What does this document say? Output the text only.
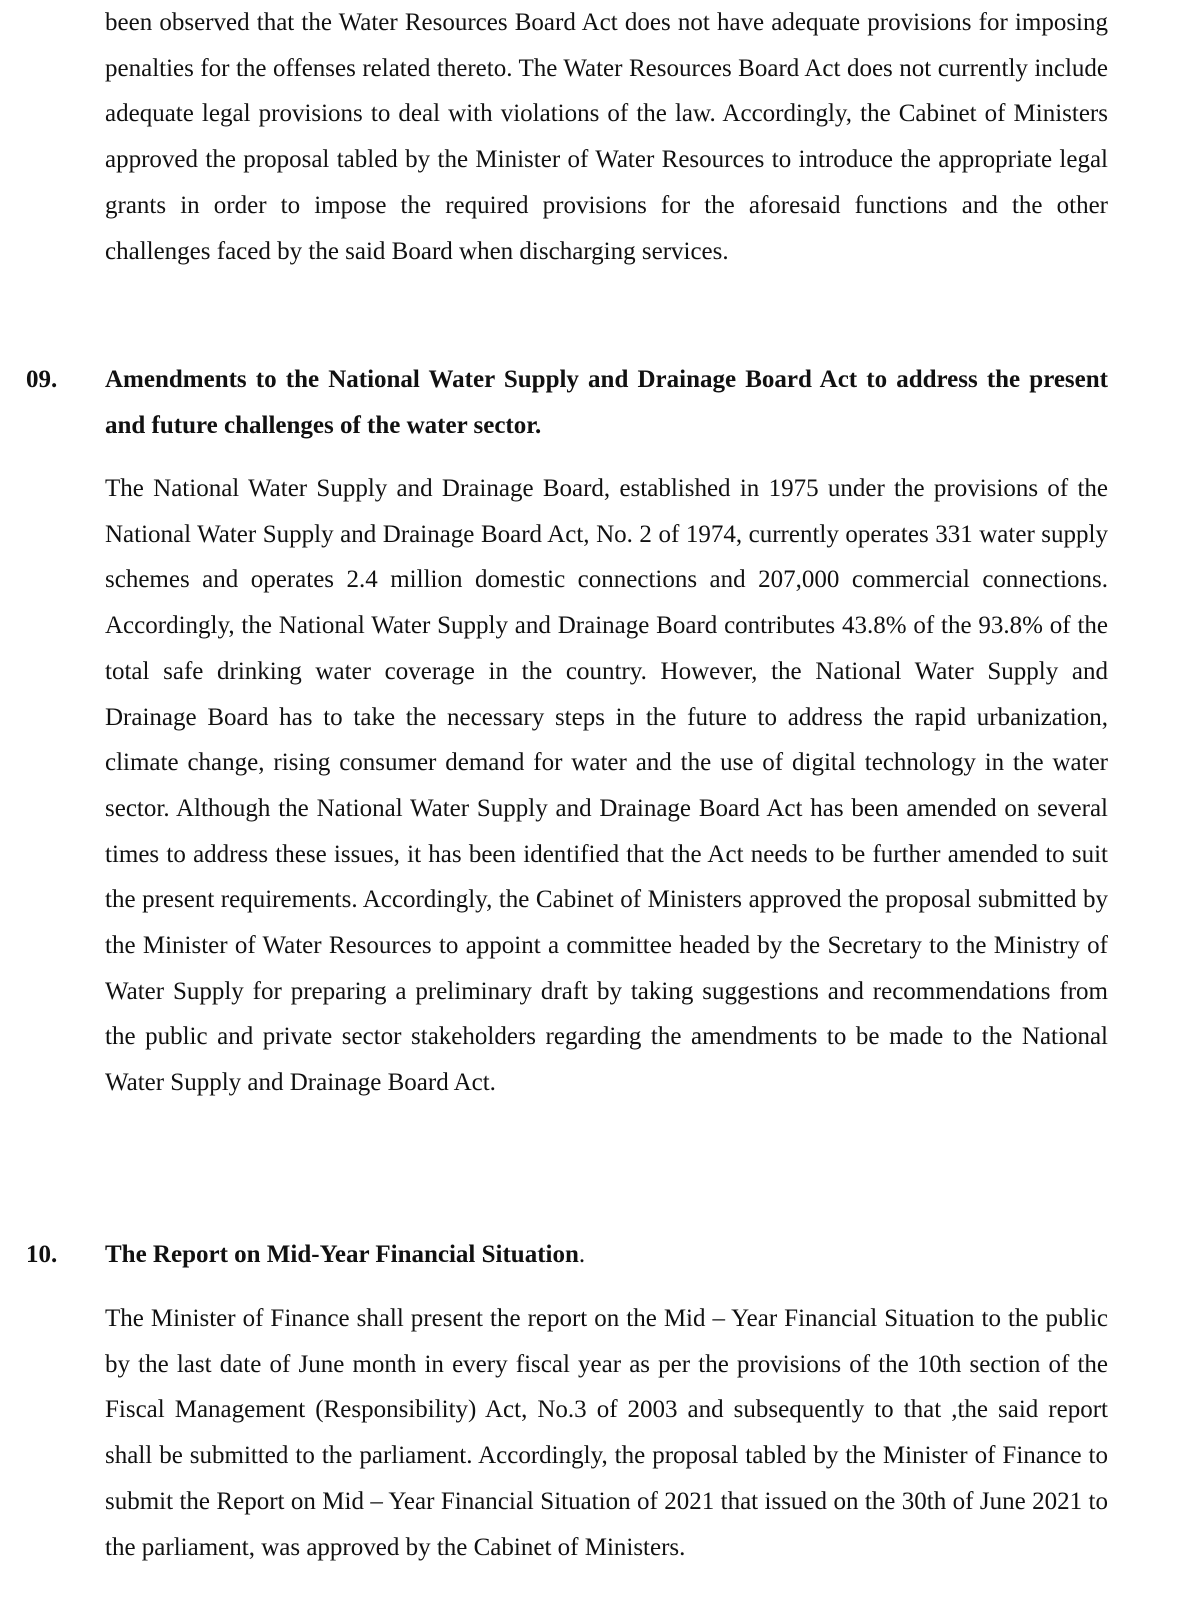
been observed that the Water Resources Board Act does not have adequate provisions for imposing penalties for the offenses related thereto. The Water Resources Board Act does not currently include adequate legal provisions to deal with violations of the law. Accordingly, the Cabinet of Ministers approved the proposal tabled by the Minister of Water Resources to introduce the appropriate legal grants in order to impose the required provisions for the aforesaid functions and the other challenges faced by the said Board when discharging services.

09. Amendments to the National Water Supply and Drainage Board Act to address the present and future challenges of the water sector.

The National Water Supply and Drainage Board, established in 1975 under the provisions of the National Water Supply and Drainage Board Act, No. 2 of 1974, currently operates 331 water supply schemes and operates 2.4 million domestic connections and 207,000 commercial connections. Accordingly, the National Water Supply and Drainage Board contributes 43.8% of the 93.8% of the total safe drinking water coverage in the country. However, the National Water Supply and Drainage Board has to take the necessary steps in the future to address the rapid urbanization, climate change, rising consumer demand for water and the use of digital technology in the water sector. Although the National Water Supply and Drainage Board Act has been amended on several times to address these issues, it has been identified that the Act needs to be further amended to suit the present requirements. Accordingly, the Cabinet of Ministers approved the proposal submitted by the Minister of Water Resources to appoint a committee headed by the Secretary to the Ministry of Water Supply for preparing a preliminary draft by taking suggestions and recommendations from the public and private sector stakeholders regarding the amendments to be made to the National Water Supply and Drainage Board Act.

10. The Report on Mid-Year Financial Situation.

The Minister of Finance shall present the report on the Mid – Year Financial Situation to the public by the last date of June month in every fiscal year as per the provisions of the 10th section of the Fiscal Management (Responsibility) Act, No.3 of 2003 and subsequently to that ,the said report shall be submitted to the parliament. Accordingly, the proposal tabled by the Minister of Finance to submit the Report on Mid – Year Financial Situation of 2021 that issued on the 30th of June 2021 to the parliament, was approved by the Cabinet of Ministers.
